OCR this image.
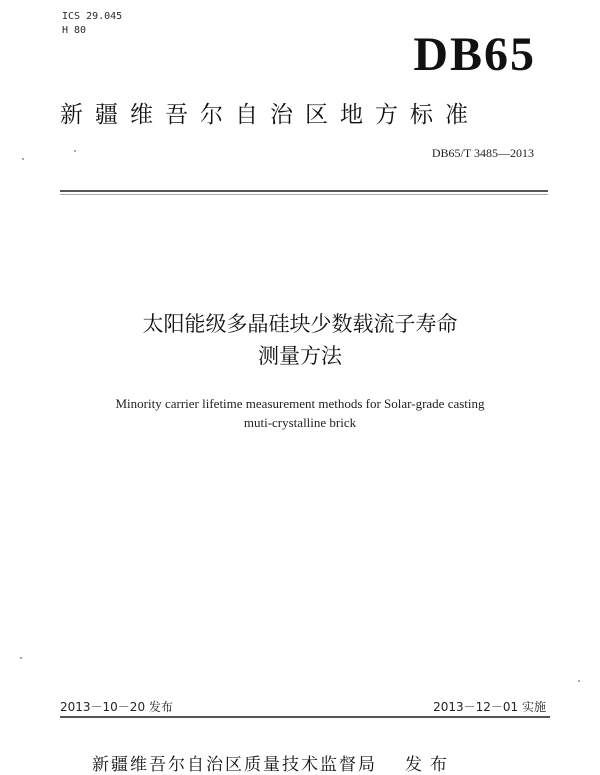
ICS 29.045
H 80	DB65
新疆维吾尔自治区地方标准
DB65/T 3485—2013
太阳能级多晶硅块少数载流子寿命
测量方法
Minority carrier lifetime measurement methods for Solar-grade casting
muti-crystalline brick
2013－10－20 发布	2013－12－01 实施
新疆维吾尔自治区质量技术监督局 发布
